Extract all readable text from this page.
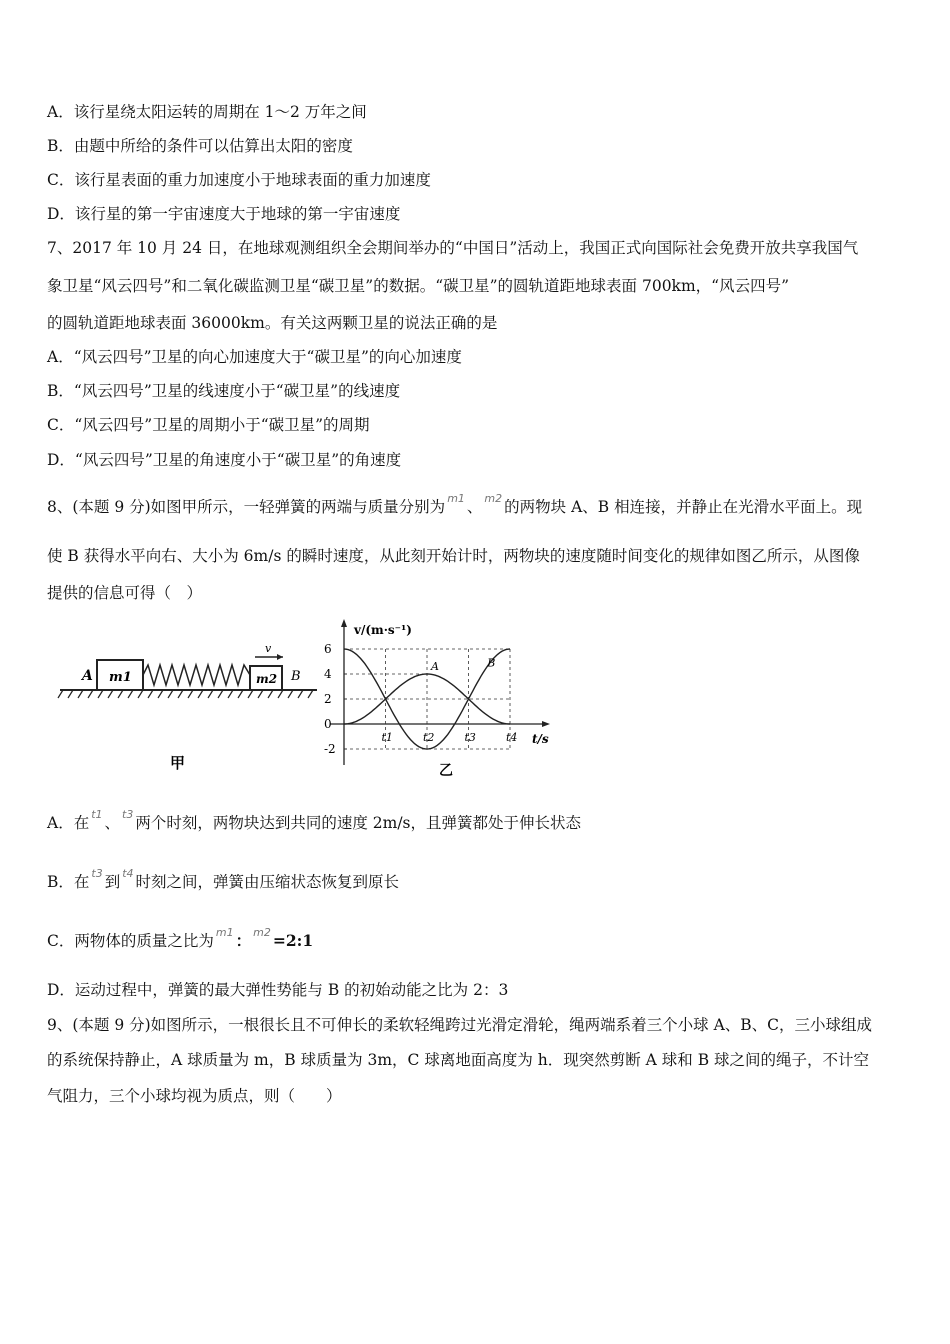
A．该行星绕太阳运转的周期在 1～2 万年之间
B．由题中所给的条件可以估算出太阳的密度
C．该行星表面的重力加速度小于地球表面的重力加速度
D．该行星的第一宇宙速度大于地球的第一宇宙速度
7、2017 年 10 月 24 日，在地球观测组织全会期间举办的“中国日”活动上，我国正式向国际社会免费开放共享我国气
象卫星“风云四号”和二氧化碳监测卫星“碳卫星”的数据。“碳卫星”的圆轨道距地球表面 700km，“风云四号”
的圆轨道距地球表面 36000km。有关这两颗卫星的说法正确的是
A．“风云四号”卫星的向心加速度大于“碳卫星”的向心加速度
B．“风云四号”卫星的线速度小于“碳卫星”的线速度
C．“风云四号”卫星的周期小于“碳卫星”的周期
D．“风云四号”卫星的角速度小于“碳卫星”的角速度
8、(本题 9 分)如图甲所示，一轻弹簧的两端与质量分别为 m1 、 m2 的两物块 A、B 相连接，并静止在光滑水平面上。现
使 B 获得水平向右、大小为 6m/s 的瞬时速度，从此刻开始计时，两物块的速度随时间变化的规律如图乙所示，从图像
提供的信息可得（　）
A m1	m2 B
v
甲
v/(m·s⁻¹)
t/s
6
4
2
0
-2
t1	t2	t3	t4
A	B
乙
A．在 t1 、 t3 两个时刻，两物块达到共同的速度 2m/s，且弹簧都处于伸长状态
B．在 t3 到 t4 时刻之间，弹簧由压缩状态恢复到原长
C．两物体的质量之比为 m1 ： m2 =2:1
D．运动过程中，弹簧的最大弹性势能与 B 的初始动能之比为 2：3
9、(本题 9 分)如图所示，一根很长且不可伸长的柔软轻绳跨过光滑定滑轮，绳两端系着三个小球 A、B、C，三小球组成
的系统保持静止，A 球质量为 m，B 球质量为 3m，C 球离地面高度为 h．现突然剪断 A 球和 B 球之间的绳子，不计空
气阻力，三个小球均视为质点，则（　　）
